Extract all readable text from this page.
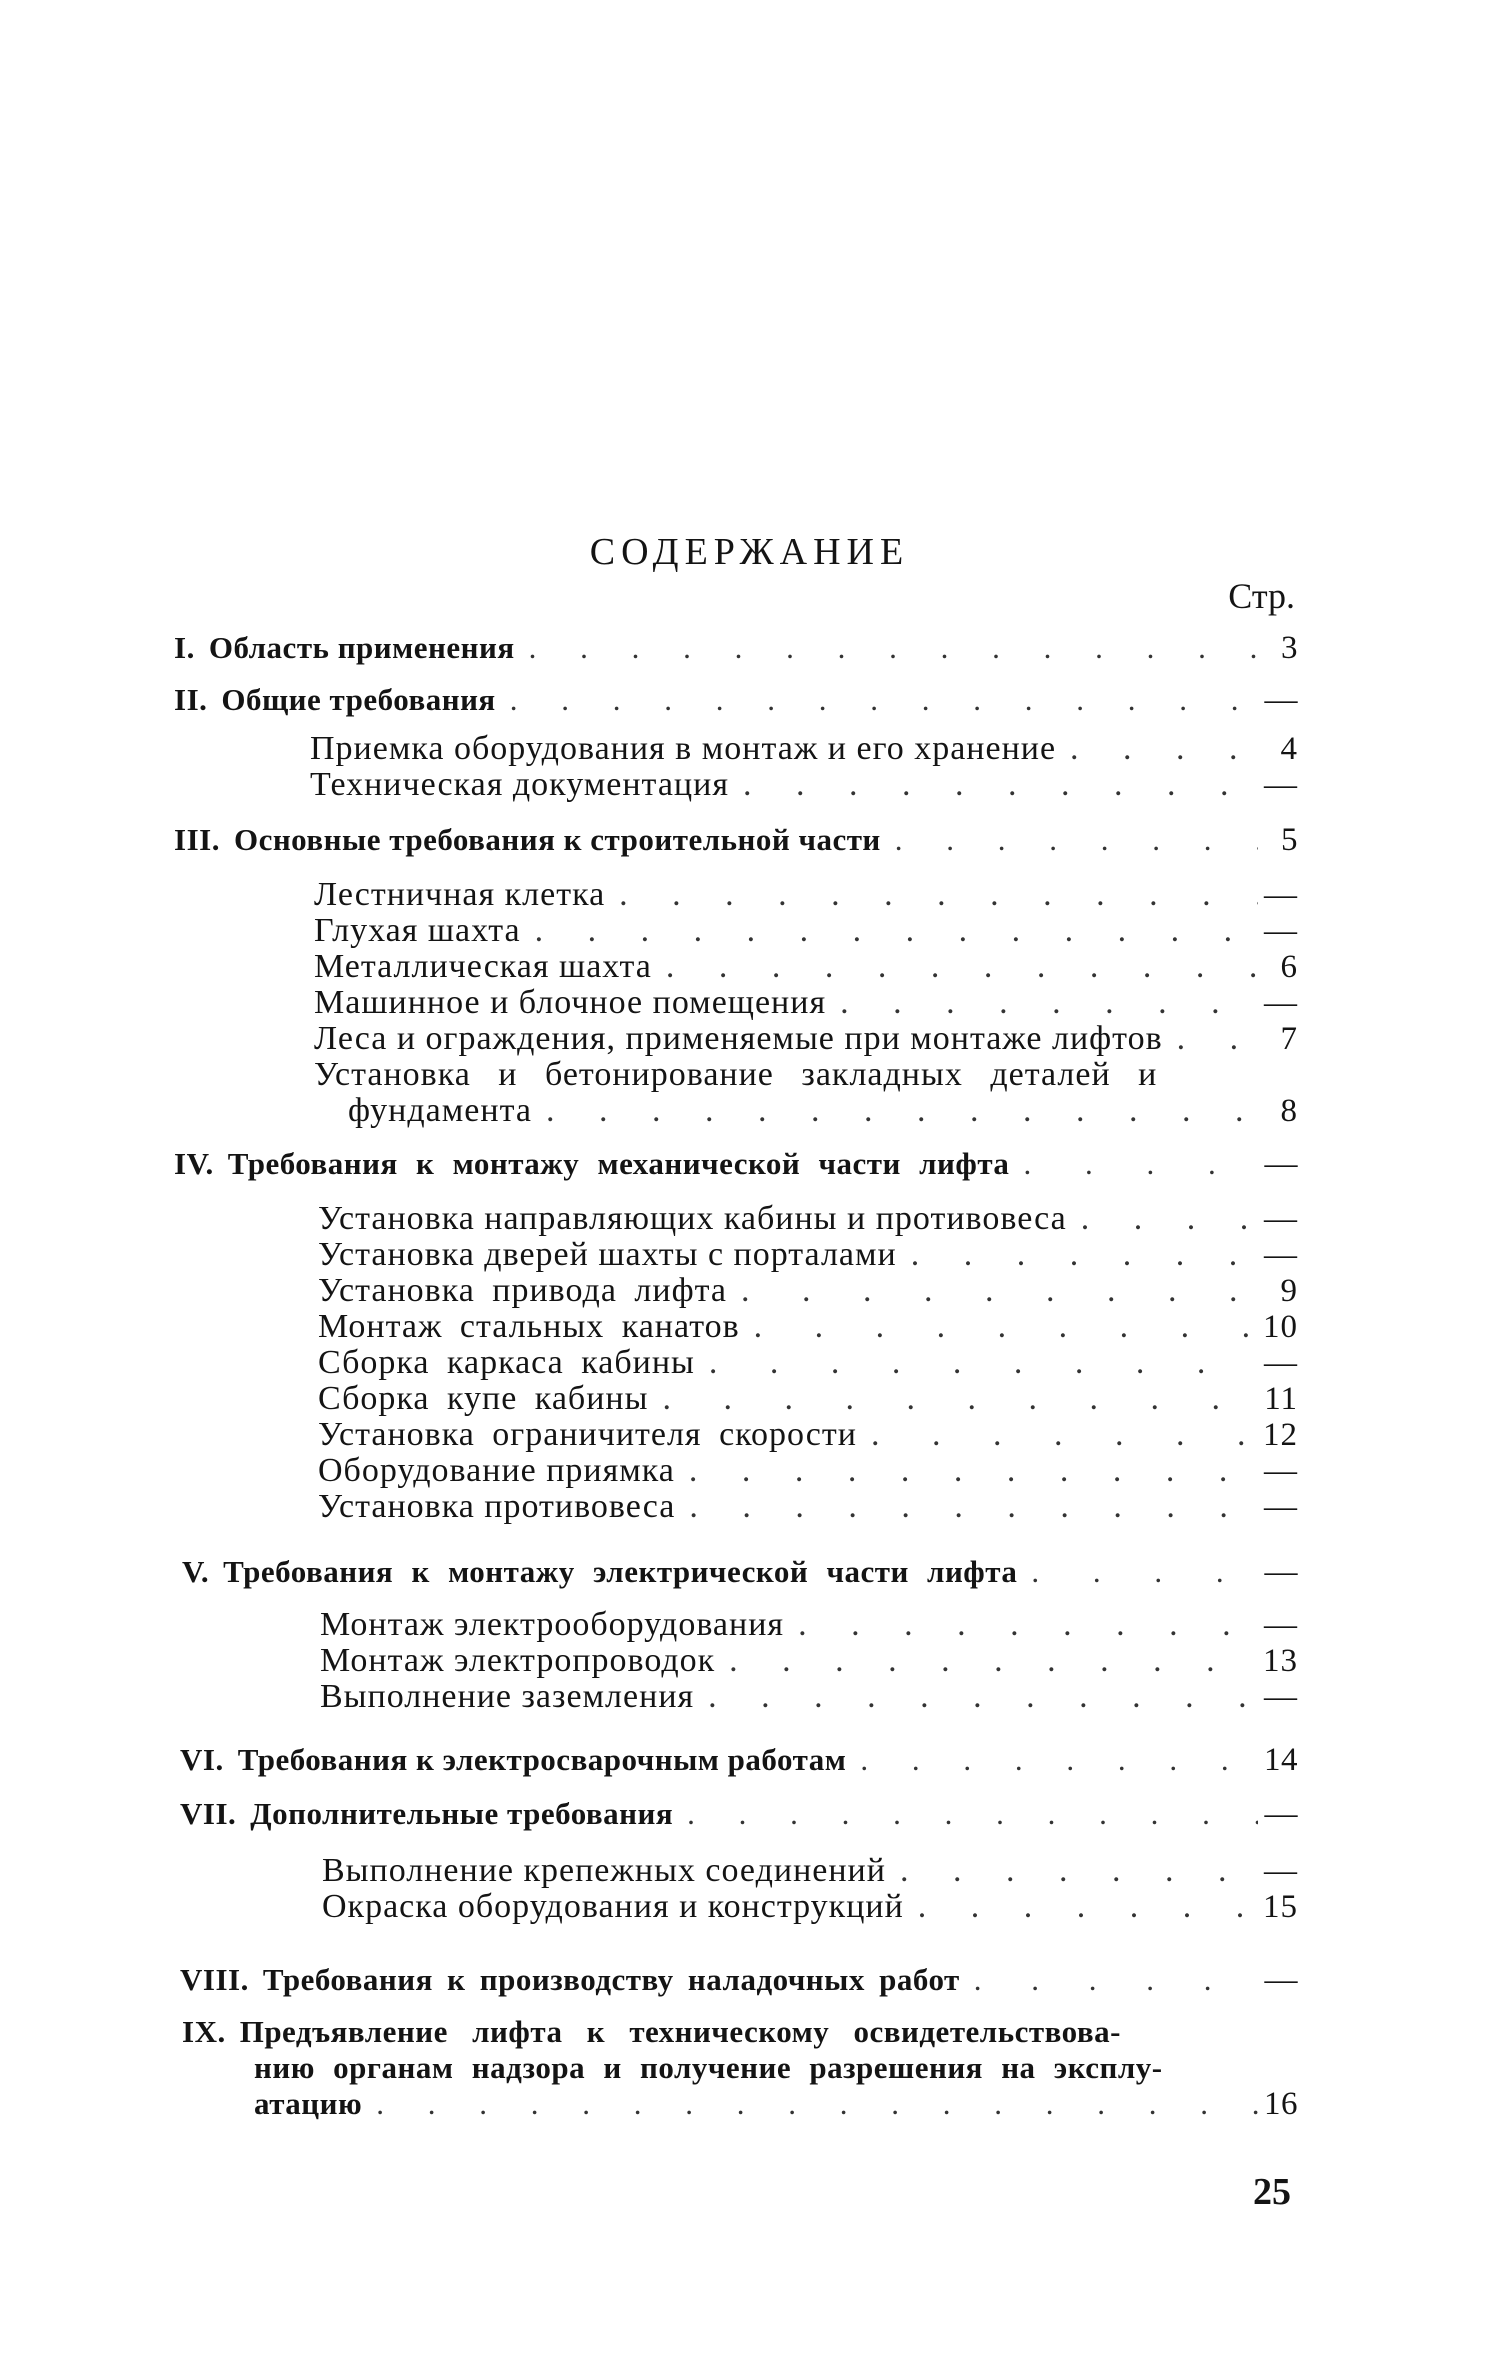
СОДЕРЖАНИЕ
Стр.
I. Область применения . . .	3
II. Общие требования . . .	—
Приемка оборудования в монтаж и его хранение . . .	4
Техническая документация . . .	—
III. Основные требования к строительной части . . .	5
Лестничная клетка . . .	—
Глухая шахта . . .	—
Металлическая шахта . . .	6
Машинное и блочное помещения . . .	—
Леса и ограждения, применяемые при монтаже лифтов . . .	7
Установка и бетонирование закладных деталей и
фундамента . . .	8
IV. Требования к монтажу механической части лифта . . .	—
Установка направляющих кабины и противовеса . . .	—
Установка дверей шахты с порталами . . .	—
Установка привода лифта . . .	9
Монтаж стальных канатов . . .	10
Сборка каркаса кабины . . .	—
Сборка купе кабины . . .	11
Установка ограничителя скорости . . .	12
Оборудование приямка . . .	—
Установка противовеса . . .	—
V. Требования к монтажу электрической части лифта . . .	—
Монтаж электрооборудования . . .	—
Монтаж электропроводок . . .	13
Выполнение заземления . . .	—
VI. Требования к электросварочным работам . . .	14
VII. Дополнительные требования . . .	—
Выполнение крепежных соединений . . .	—
Окраска оборудования и конструкций . . .	15
VIII. Требования к производству наладочных работ . . .	—
IX. Предъявление лифта к техническому освидетельствова-
нию органам надзора и получение разрешения на эксплу-
атацию . . .	16
25
